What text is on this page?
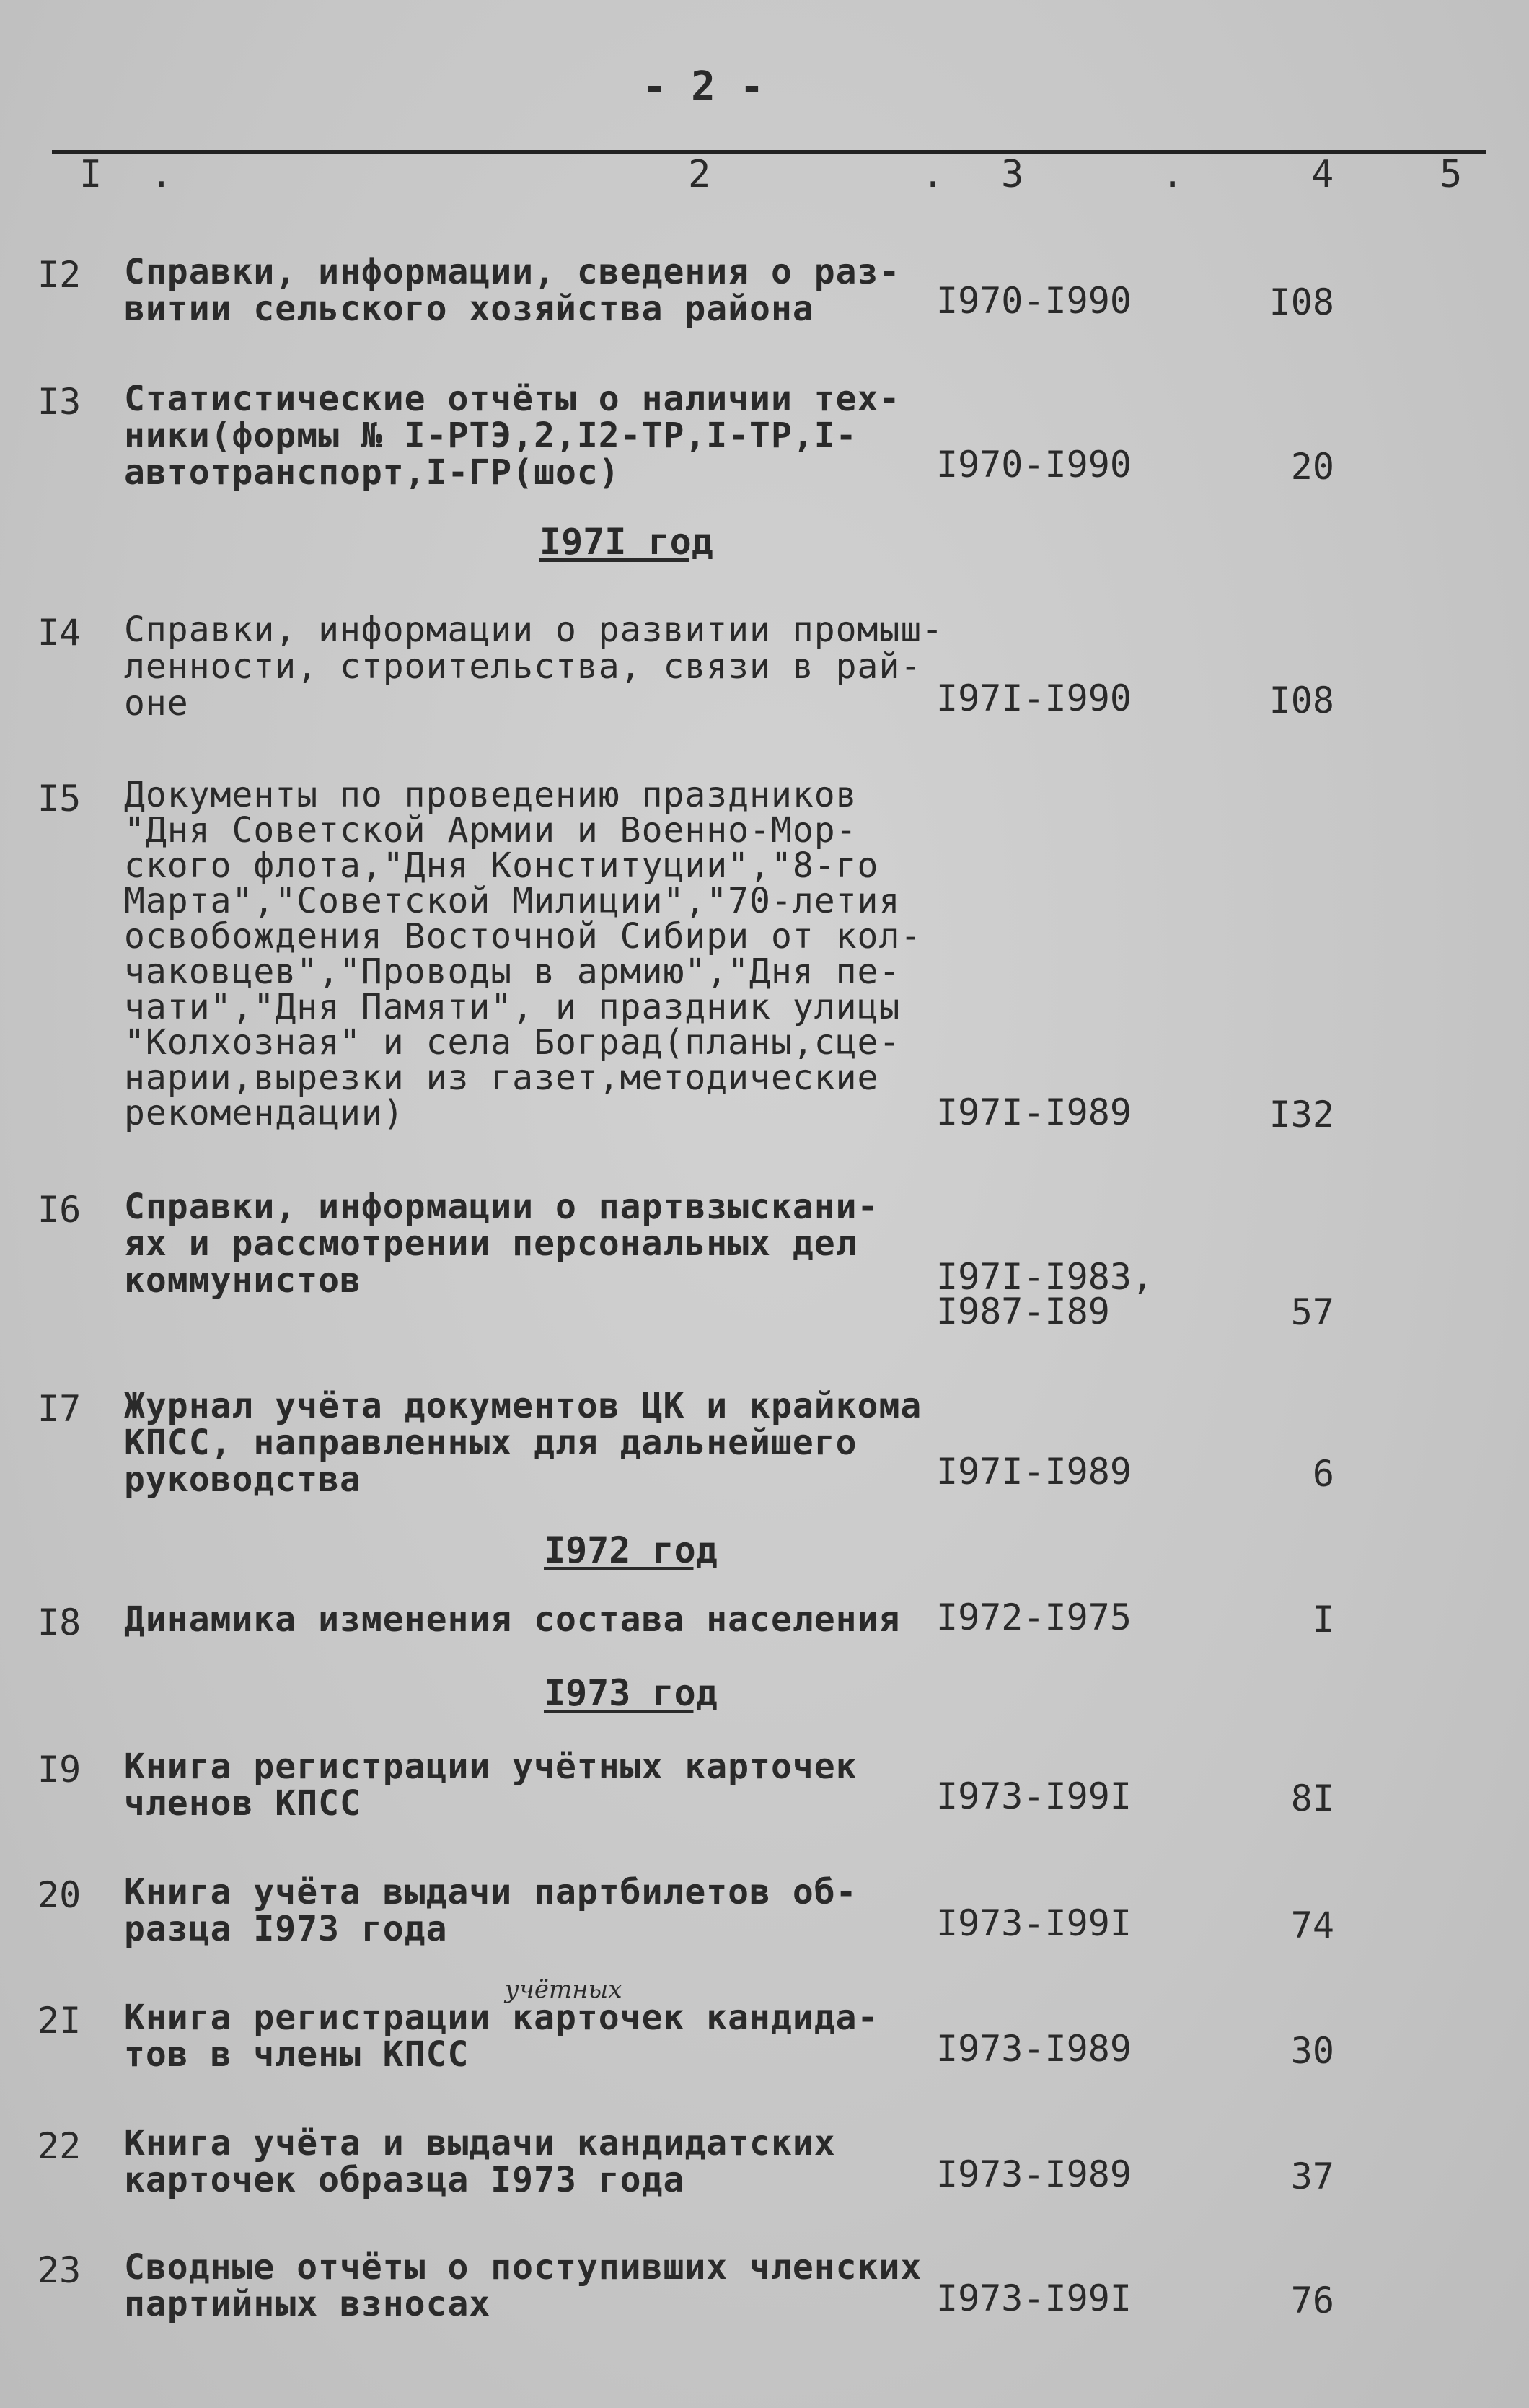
- 2 -
I	2	3	4	5
.	.	.
I2 Справки, информации, сведения о раз-
витии сельского хозяйства района	I970-I990	I08
I3 Статистические отчёты о наличии тех-
ники(формы № I-РТЭ,2,I2-ТР,I-ТР,I-
автотранспорт,I-ГР(шос)	I970-I990	20
I97I год
I4 Справки, информации о развитии промыш-
ленности, строительства, связи в рай-
оне	I97I-I990	I08
I5 Документы по проведению праздников
"Дня Советской Армии и Военно-Мор-
ского флота,"Дня Конституции","8-го
Марта","Советской Милиции","70-летия
освобождения Восточной Сибири от кол-
чаковцев","Проводы в армию","Дня пе-
чати","Дня Памяти", и праздник улицы
"Колхозная" и села Боград(планы,сце-
нарии,вырезки из газет,методические
рекомендации)	I97I-I989	I32
I6 Справки, информации о партвзыскани-
ях и рассмотрении персональных дел
коммунистов	I97I-I983,
I987-I89	57
I7 Журнал учёта документов ЦК и крайкома
КПСС, направленных для дальнейшего
руководства	I97I-I989	6
I972 год
I8 Динамика изменения состава населения I972-I975	I
I973 год
I9 Книга регистрации учётных карточек
членов КПСС	I973-I99I	8I
20 Книга учёта выдачи партбилетов об-
разца I973 года	I973-I99I	74
учётных
2I Книга регистрации карточек кандида-
тов в члены КПСС	I973-I989	30
22 Книга учёта и выдачи кандидатских
карточек образца I973 года	I973-I989	37
23 Сводные отчёты о поступивших членских
партийных взносах	I973-I99I	76
